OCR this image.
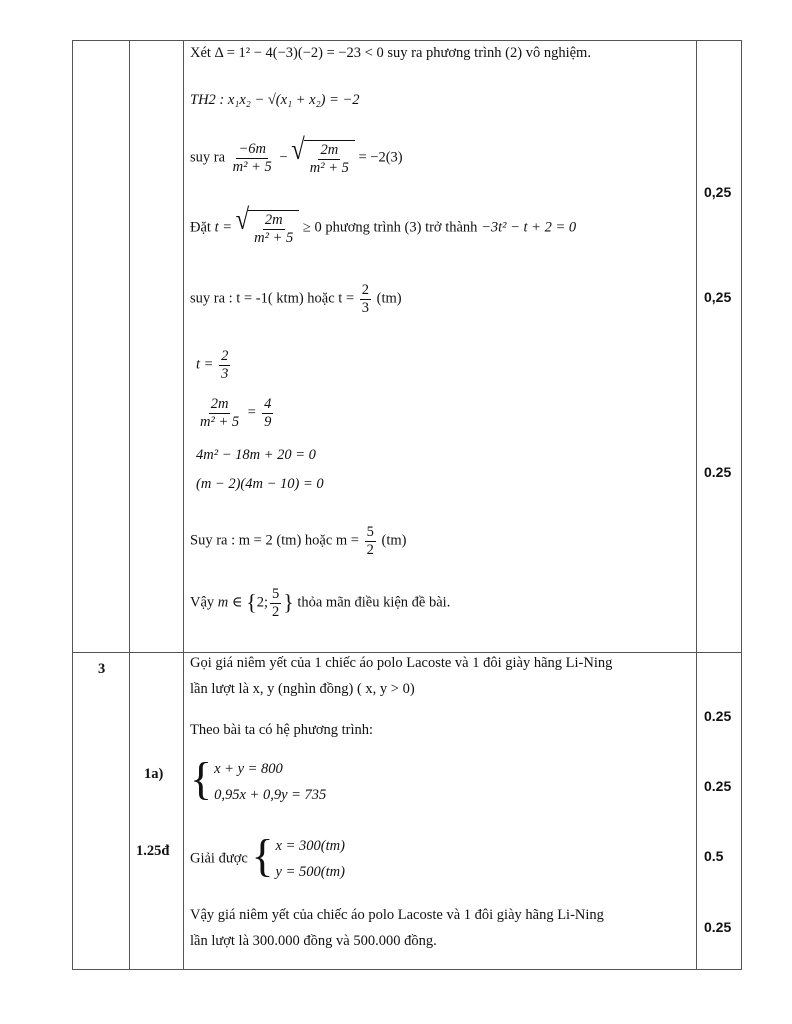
Xét Δ = 1² − 4(−3)(−2) = −23 < 0 suy ra phương trình (2) vô nghiệm.
TH2 : x₁x₂ − √(x₁ + x₂) = −2
suy ra $\frac{-6m}{\text{m² + 5}}$ − √ $\frac{2m}{\text{m² + 5}} = -2(3)$
Đặt t = √ $\frac{2m}{\text{m² + 5}} \ge 0$ phương trình (3) trở thành −3t² − t + 2 = 0
suy ra : t = -1( ktm) hoặc $t = \frac{2}{3} (tm)$
$t = \frac{2}{3}$
$\frac{2m}{\text{m² + 5}} = \frac{4}{9}$
4m² − 18m + 20 = 0
(m − 2)(4m − 10) = 0
Suy ra : m = 2 (tm) hoặc $m = \frac{5}{2} (tm)$
Vậy m ∈ {2; $\frac{5}{2}$ } thỏa mãn điều kiện đề bài.
0,25
0,25
0.25
3
1a)
1.25đ
Gọi giá niêm yết của 1 chiếc áo polo Lacoste và 1 đôi giày hãng Li-Ning
lần lượt là x, y (nghìn đồng) ( x, y > 0)
Theo bài ta có hệ phương trình:
{ x + y = 800
0,95x + 0,9y = 735
Giải được { x = 300(tm)
y = 500(tm)
Vậy giá niêm yết của chiếc áo polo Lacoste và 1 đôi giày hãng Li-Ning
lần lượt là 300.000 đồng và 500.000 đồng.
0.25
0.25
0.5
0.25
